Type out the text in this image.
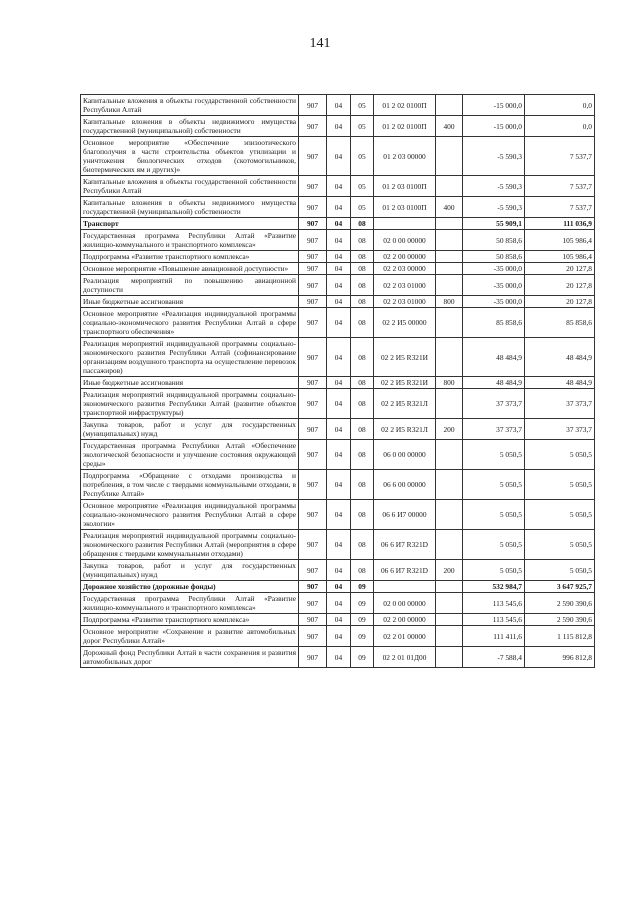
141
Капитальные вложения в объекты государственной собственности Республики Алтай	907	04	05	01 2 02 0100П		-15 000,0	0,0
Капитальные вложения в объекты недвижимого имущества государственной (муниципальной) собственности	907	04	05	01 2 02 0100П	400	-15 000,0	0,0
Основное мероприятие «Обеспечение эпизоотического благополучия в части строительства объектов утилизации и уничтожения биологических отходов (скотомогильников, биотермических ям и других)»	907	04	05	01 2 03 00000		-5 590,3	7 537,7
Капитальные вложения в объекты государственной собственности Республики Алтай	907	04	05	01 2 03 0100П		-5 590,3	7 537,7
Капитальные вложения в объекты недвижимого имущества государственной (муниципальной) собственности	907	04	05	01 2 03 0100П	400	-5 590,3	7 537,7
Транспорт	907	04	08			55 909,1	111 036,9
Государственная программа Республики Алтай «Развитие жилищно-коммунального и транспортного комплекса»	907	04	08	02 0 00 00000		50 858,6	105 986,4
Подпрограмма «Развитие транспортного комплекса»	907	04	08	02 2 00 00000		50 858,6	105 986,4
Основное мероприятие «Повышение авиационной доступности»	907	04	08	02 2 03 00000		-35 000,0	20 127,8
Реализация мероприятий по повышению авиационной доступности	907	04	08	02 2 03 01000		-35 000,0	20 127,8
Иные бюджетные ассигнования	907	04	08	02 2 03 01000	800	-35 000,0	20 127,8
Основное мероприятие «Реализация индивидуальной программы социально-экономического развития Республики Алтай в сфере транспортного обеспечения»	907	04	08	02 2 И5 00000		85 858,6	85 858,6
Реализация мероприятий индивидуальной программы социально-экономического развития Республики Алтай (софинансирование организациям воздушного транспорта на осуществление перевозок пассажиров)	907	04	08	02 2 И5 R321И		48 484,9	48 484,9
Иные бюджетные ассигнования	907	04	08	02 2 И5 R321И	800	48 484,9	48 484,9
Реализация мероприятий индивидуальной программы социально-экономического развития Республики Алтай (развитие объектов транспортной инфраструктуры)	907	04	08	02 2 И5 R321Л		37 373,7	37 373,7
Закупка товаров, работ и услуг для государственных (муниципальных) нужд	907	04	08	02 2 И5 R321Л	200	37 373,7	37 373,7
Государственная программа Республики Алтай «Обеспечение экологической безопасности и улучшение состояния окружающей среды»	907	04	08	06 0 00 00000		5 050,5	5 050,5
Подпрограмма «Обращение с отходами производства и потребления, в том числе с твердыми коммунальными отходами, в Республике Алтай»	907	04	08	06 6 00 00000		5 050,5	5 050,5
Основное мероприятие «Реализация индивидуальной программы социально-экономического развития Республики Алтай в сфере экологии»	907	04	08	06 6 И7 00000		5 050,5	5 050,5
Реализация мероприятий индивидуальной программы социально-экономического развития Республики Алтай (мероприятия в сфере обращения с твердыми коммунальными отходами)	907	04	08	06 6 И7 R321D		5 050,5	5 050,5
Закупка товаров, работ и услуг для государственных (муниципальных) нужд	907	04	08	06 6 И7 R321D	200	5 050,5	5 050,5
Дорожное хозяйство (дорожные фонды)	907	04	09			532 984,7	3 647 925,7
Государственная программа Республики Алтай «Развитие жилищно-коммунального и транспортного комплекса»	907	04	09	02 0 00 00000		113 545,6	2 590 390,6
Подпрограмма «Развитие транспортного комплекса»	907	04	09	02 2 00 00000		113 545,6	2 590 390,6
Основное мероприятие «Сохранение и развитие автомобильных дорог Республики Алтай»	907	04	09	02 2 01 00000		111 411,6	1 115 812,8
Дорожный фонд Республики Алтай в части сохранения и развития автомобильных дорог	907	04	09	02 2 01 01Д00		-7 588,4	996 812,8
